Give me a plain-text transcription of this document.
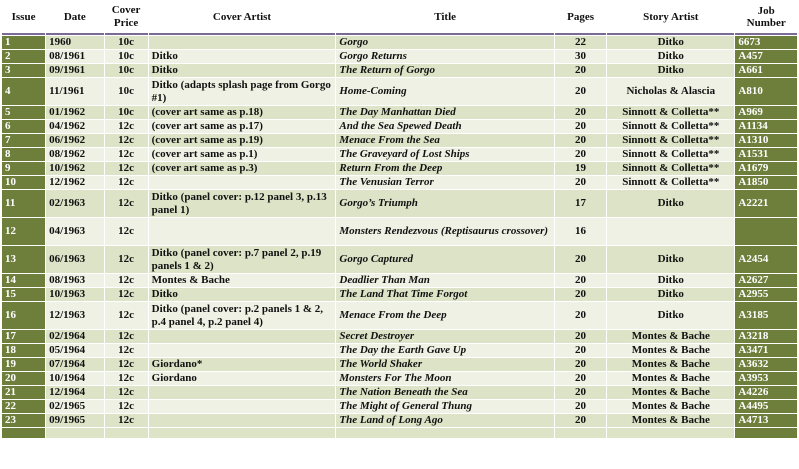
Issue	Date	Cover Price	Cover Artist	Title	Pages	Story Artist	Job Number
1	1960	10c		Gorgo	22	Ditko	6673
2	08/1961	10c	Ditko	Gorgo Returns	30	Ditko	A457
3	09/1961	10c	Ditko	The Return of Gorgo	20	Ditko	A661
4	11/1961	10c	Ditko (adapts splash page from Gorgo #1)	Home-Coming	20	Nicholas & Alascia	A810
5	01/1962	10c	(cover art same as p.18)	The Day Manhattan Died	20	Sinnott & Colletta**	A969
6	04/1962	12c	(cover art same as p.17)	And the Sea Spewed Death	20	Sinnott & Colletta**	A1134
7	06/1962	12c	(cover art same as p.19)	Menace From the Sea	20	Sinnott & Colletta**	A1310
8	08/1962	12c	(cover art same as p.1)	The Graveyard of Lost Ships	20	Sinnott & Colletta**	A1531
9	10/1962	12c	(cover art same as p.3)	Return From the Deep	19	Sinnott & Colletta**	A1679
10	12/1962	12c		The Venusian Terror	20	Sinnott & Colletta**	A1850
11	02/1963	12c	Ditko (panel cover: p.12 panel 3, p.13 panel 1)	Gorgo’s Triumph	17	Ditko	A2221
12	04/1963	12c		Monsters Rendezvous (Reptisaurus crossover)	16		
13	06/1963	12c	Ditko (panel cover: p.7 panel 2, p.19 panels 1 & 2)	Gorgo Captured	20	Ditko	A2454
14	08/1963	12c	Montes & Bache	Deadlier Than Man	20	Ditko	A2627
15	10/1963	12c	Ditko	The Land That Time Forgot	20	Ditko	A2955
16	12/1963	12c	Ditko (panel cover: p.2 panels 1 & 2, p.4 panel 4, p.2 panel 4)	Menace From the Deep	20	Ditko	A3185
17	02/1964	12c		Secret Destroyer	20	Montes & Bache	A3218
18	05/1964	12c		The Day the Earth Gave Up	20	Montes & Bache	A3471
19	07/1964	12c	Giordano*	The World Shaker	20	Montes & Bache	A3632
20	10/1964	12c	Giordano	Monsters For The Moon	20	Montes & Bache	A3953
21	12/1964	12c		The Nation Beneath the Sea	20	Montes & Bache	A4226
22	02/1965	12c		The Might of General Thung	20	Montes & Bache	A4495
23	09/1965	12c		The Land of Long Ago	20	Montes & Bache	A4713
